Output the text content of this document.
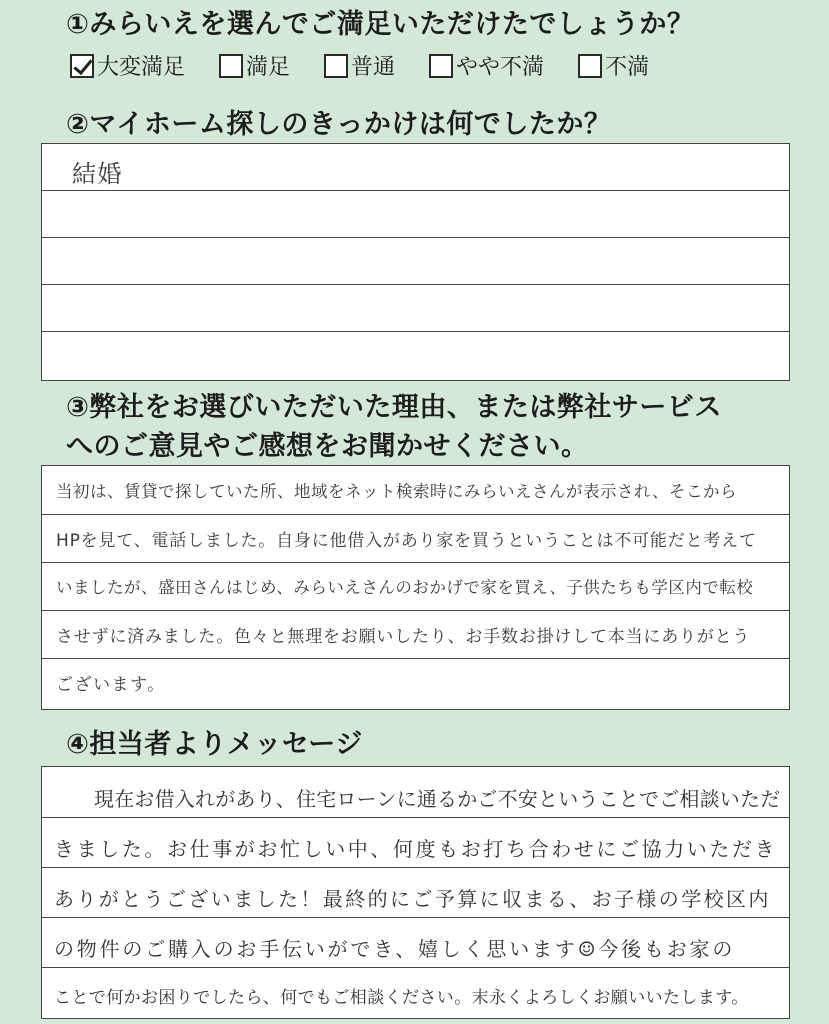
①みらいえを選んでご満足いただけたでしょうか？
大変満足	満足	普通	やや不満	不満
②マイホーム探しのきっかけは何でしたか？
結婚
③弊社をお選びいただいた理由、または弊社サービス
へのご意見やご感想をお聞かせください。
当初は、賃貸で探していた所、地域をネット検索時にみらいえさんが表示され、そこから
HPを見て、電話しました。自身に他借入があり家を買うということは不可能だと考えて
いましたが、盛田さんはじめ、みらいえさんのおかげで家を買え、子供たちも学区内で転校
させずに済みました。色々と無理をお願いしたり、お手数お掛けして本当にありがとう
ございます。
④担当者よりメッセージ
現在お借入れがあり、住宅ローンに通るかご不安ということでご相談いただ
きました。お仕事がお忙しい中、何度もお打ち合わせにご協力いただき
ありがとうございました！最終的にご予算に収まる、お子様の学校区内
の物件のご購入のお手伝いができ、嬉しく思います☺今後もお家の
ことで何かお困りでしたら、何でもご相談ください。末永くよろしくお願いいたします。
